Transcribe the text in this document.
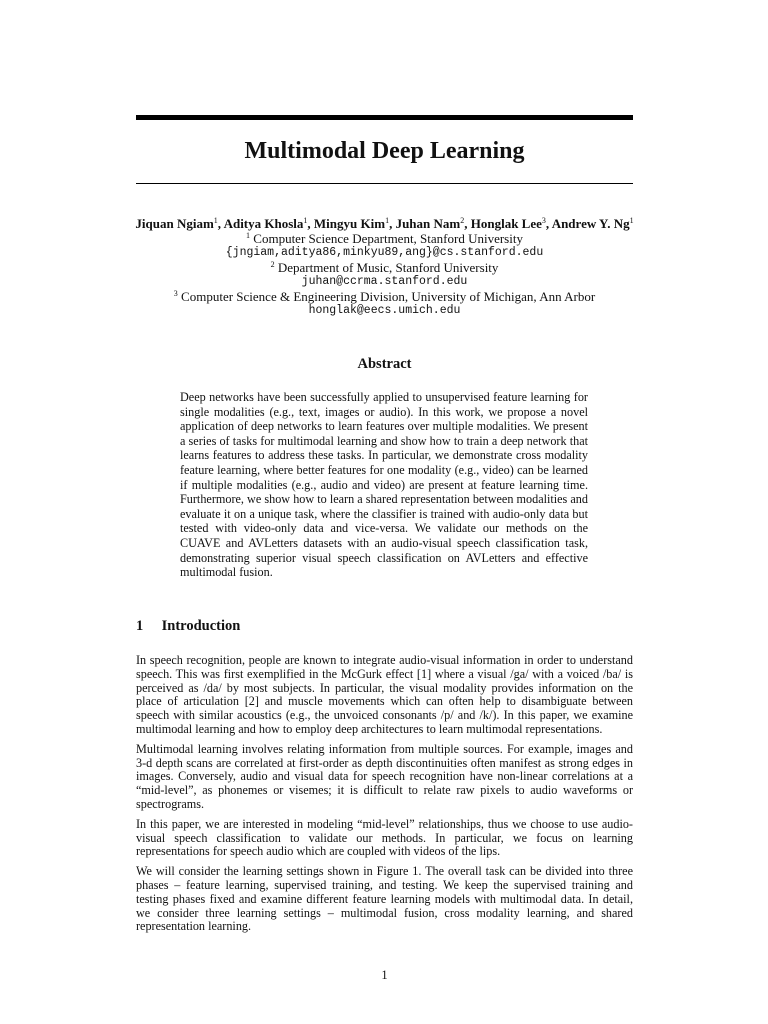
Multimodal Deep Learning
Jiquan Ngiam$^1$, Aditya Khosla$^1$, Mingyu Kim$^1$, Juhan Nam$^2$, Honglak Lee$^3$, Andrew Y. Ng$^1$
$^1$ Computer Science Department, Stanford University
{jngiam,aditya86,minkyu89,ang}@cs.stanford.edu
$^2$ Department of Music, Stanford University
juhan@ccrma.stanford.edu
$^3$ Computer Science & Engineering Division, University of Michigan, Ann Arbor
honglak@eecs.umich.edu
Abstract
Deep networks have been successfully applied to unsupervised feature learning for single modalities (e.g., text, images or audio). In this work, we propose a novel application of deep networks to learn features over multiple modalities. We present a series of tasks for multimodal learning and show how to train a deep network that learns features to address these tasks. In particular, we demonstrate cross modality feature learning, where better features for one modality (e.g., video) can be learned if multiple modalities (e.g., audio and video) are present at feature learning time. Furthermore, we show how to learn a shared representation between modalities and evaluate it on a unique task, where the classifier is trained with audio-only data but tested with video-only data and vice-versa. We validate our methods on the CUAVE and AVLetters datasets with an audio-visual speech classification task, demonstrating superior visual speech classification on AVLetters and effective multimodal fusion.
1 Introduction

In speech recognition, people are known to integrate audio-visual information in order to understand speech. This was first exemplified in the McGurk effect [1] where a visual /ga/ with a voiced /ba/ is perceived as /da/ by most subjects. In particular, the visual modality provides information on the place of articulation [2] and muscle movements which can often help to disambiguate between speech with similar acoustics (e.g., the unvoiced consonants /p/ and /k/). In this paper, we examine multimodal learning and how to employ deep architectures to learn multimodal representations.

Multimodal learning involves relating information from multiple sources. For example, images and 3-d depth scans are correlated at first-order as depth discontinuities often manifest as strong edges in images. Conversely, audio and visual data for speech recognition have non-linear correlations at a “mid-level”, as phonemes or visemes; it is difficult to relate raw pixels to audio waveforms or spectrograms.

In this paper, we are interested in modeling “mid-level” relationships, thus we choose to use audio-visual speech classification to validate our methods. In particular, we focus on learning representations for speech audio which are coupled with videos of the lips.

We will consider the learning settings shown in Figure 1. The overall task can be divided into three phases – feature learning, supervised training, and testing. We keep the supervised training and testing phases fixed and examine different feature learning models with multimodal data. In detail, we consider three learning settings – multimodal fusion, cross modality learning, and shared representation learning.

1
